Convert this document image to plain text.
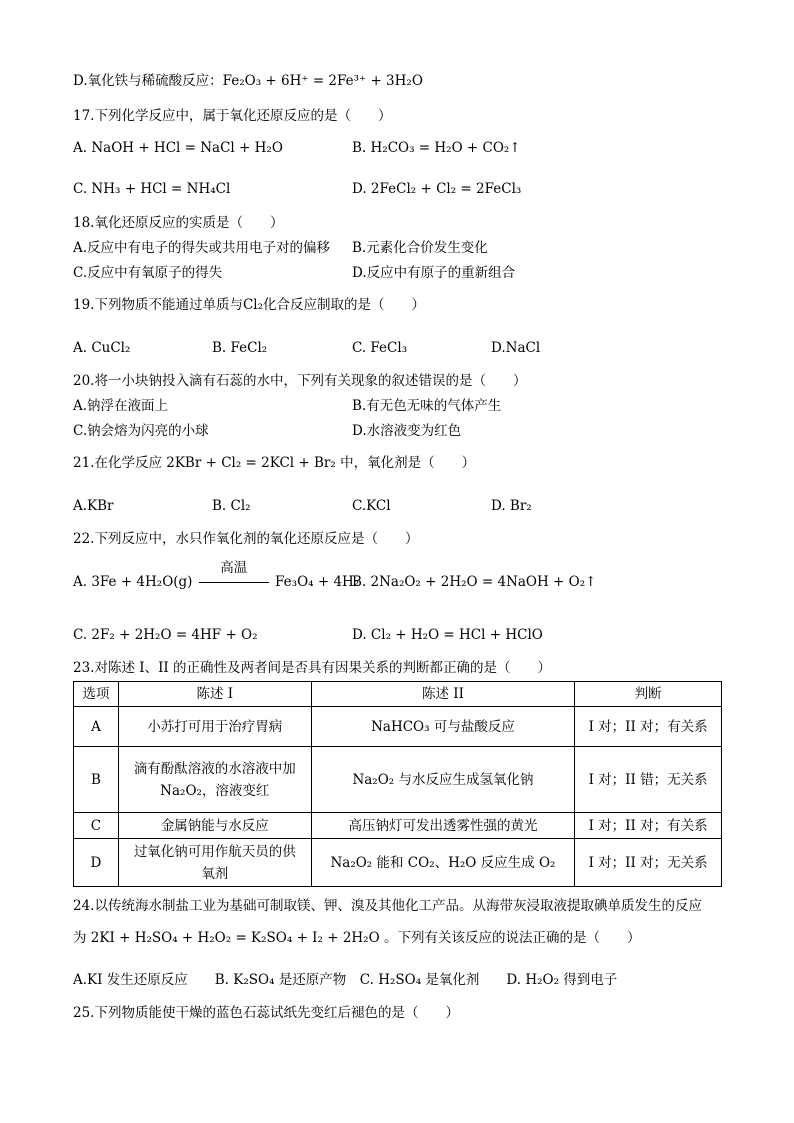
D.氧化铁与稀硫酸反应：Fe₂O₃ + 6H⁺ = 2Fe³⁺ + 3H₂O
17.下列化学反应中，属于氧化还原反应的是（　　）
A. NaOH + HCl = NaCl + H₂O	B. H₂CO₃ = H₂O + CO₂↑
C. NH₃ + HCl = NH₄Cl	D. 2FeCl₂ + Cl₂ = 2FeCl₃
18.氧化还原反应的实质是（　　）
A.反应中有电子的得失或共用电子对的偏移 B.元素化合价发生变化
C.反应中有氧原子的得失	D.反应中有原子的重新组合
19.下列物质不能通过单质与Cl₂化合反应制取的是（　　）
A. CuCl₂	B. FeCl₂	C. FeCl₃	D.NaCl
20.将一小块钠投入滴有石蕊的水中，下列有关现象的叙述错误的是（　　）
A.钠浮在液面上	B.有无色无味的气体产生
C.钠会熔为闪亮的小球	D.水溶液变为红色
21.在化学反应 2KBr + Cl₂ = 2KCl + Br₂ 中，氧化剂是（　　）
A.KBr	B. Cl₂	C.KCl	D. Br₂
22.下列反应中，水只作氧化剂的氧化还原反应是（　　）
A. 3Fe + 4H₂O(g)
高温
Fe₃O₄ + 4H₂
B. 2Na₂O₂ + 2H₂O = 4NaOH + O₂↑
C. 2F₂ + 2H₂O = 4HF + O₂	D. Cl₂ + H₂O = HCl + HClO
23.对陈述 I、II 的正确性及两者间是否具有因果关系的判断都正确的是（　　）
选项	陈述 I	陈述 II	判断
A	小苏打可用于治疗胃病	NaHCO₃ 可与盐酸反应	I 对；II 对；有关系
B	滴有酚酞溶液的水溶液中加 Na₂O₂，溶液变红	Na₂O₂ 与水反应生成氢氧化钠	I 对；II 错；无关系
C	金属钠能与水反应	高压钠灯可发出透雾性强的黄光	I 对；II 对；有关系
D	过氧化钠可用作航天员的供氧剂	Na₂O₂ 能和 CO₂、H₂O 反应生成 O₂	I 对；II 对；无关系
24.以传统海水制盐工业为基础可制取镁、钾、溴及其他化工产品。从海带灰浸取液提取碘单质发生的反应
为 2KI + H₂SO₄ + H₂O₂ = K₂SO₄ + I₂ + 2H₂O 。下列有关该反应的说法正确的是（　　）
A.KI 发生还原反应　　B. K₂SO₄ 是还原产物　C. H₂SO₄ 是氧化剂　　D. H₂O₂ 得到电子
25.下列物质能使干燥的蓝色石蕊试纸先变红后褪色的是（　　）
